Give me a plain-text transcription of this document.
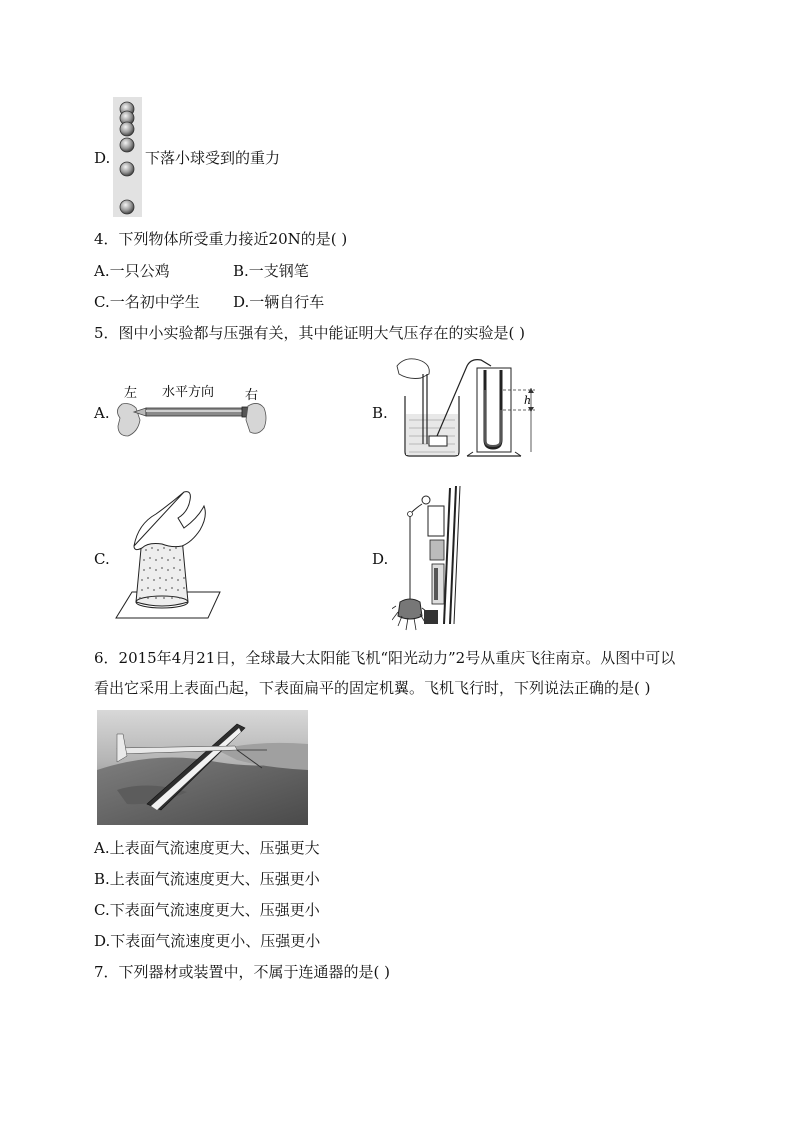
D. 下落小球受到的重力
4．下列物体所受重力接近20N的是( )
A.一只公鸡	B.一支钢笔
C.一名初中学生 D.一辆自行车
5．图中小实验都与压强有关，其中能证明大气压存在的实验是( )
A.
左 水平方向 右
B.
h
C.	D.
6．2015年4月21日，全球最大太阳能飞机“阳光动力”2号从重庆飞往南京。从图中可以
看出它采用上表面凸起，下表面扁平的固定机翼。飞机飞行时，下列说法正确的是( )
A.上表面气流速度更大、压强更大
B.上表面气流速度更大、压强更小
C.下表面气流速度更大、压强更小
D.下表面气流速度更小、压强更小
7．下列器材或装置中，不属于连通器的是( )
